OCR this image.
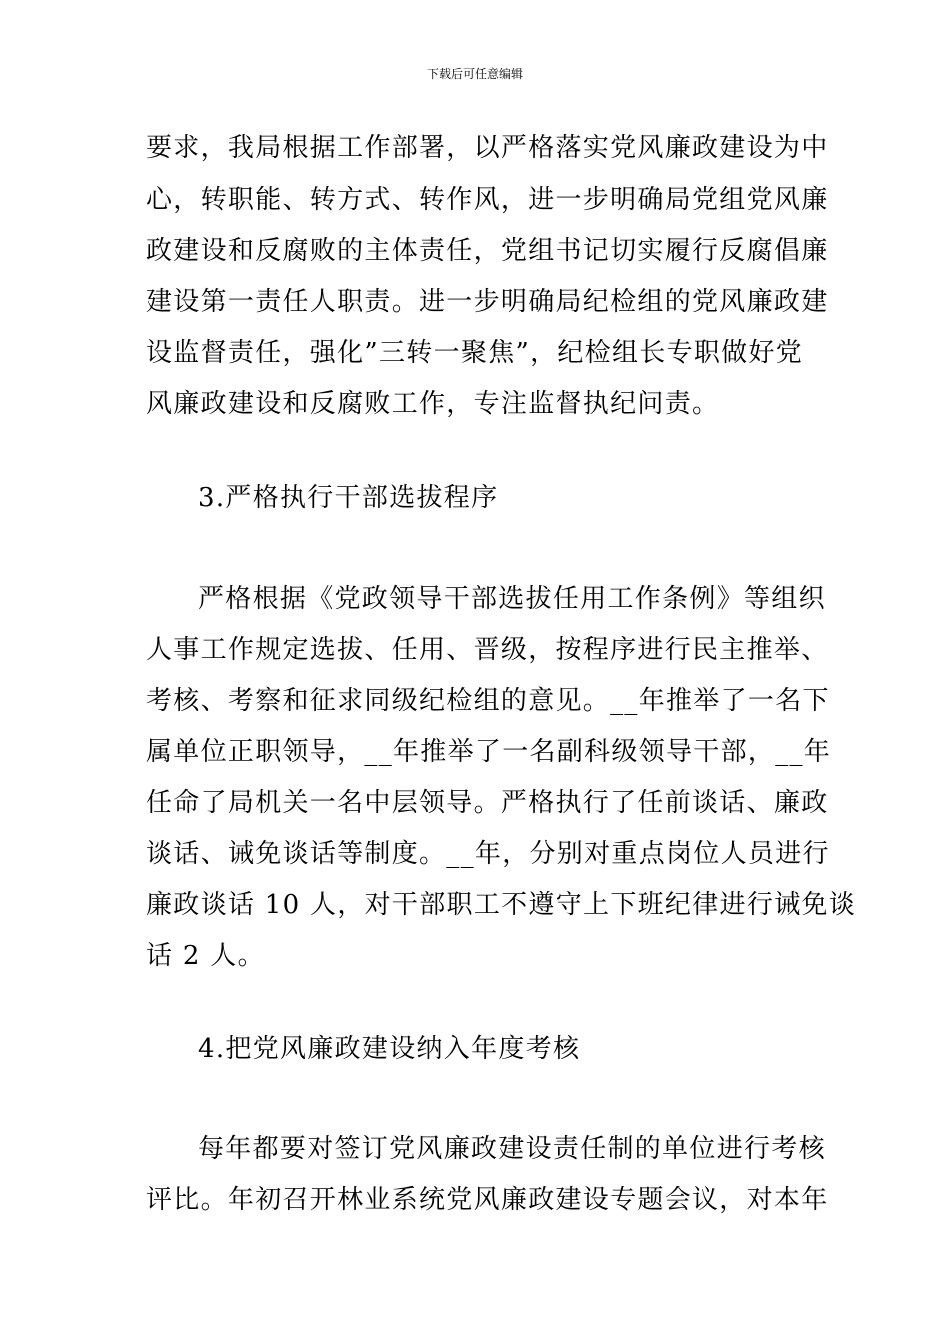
下载后可任意编辑
要求，我局根据工作部署，以严格落实党风廉政建设为中
心，转职能、转方式、转作风，进一步明确局党组党风廉
政建设和反腐败的主体责任，党组书记切实履行反腐倡廉
建设第一责任人职责。进一步明确局纪检组的党风廉政建
设监督责任，强化”三转一聚焦”，纪检组长专职做好党
风廉政建设和反腐败工作，专注监督执纪问责。
3.严格执行干部选拔程序
严格根据《党政领导干部选拔任用工作条例》等组织
人事工作规定选拔、任用、晋级，按程序进行民主推举、
考核、考察和征求同级纪检组的意见。__年推举了一名下
属单位正职领导，__年推举了一名副科级领导干部，__年
任命了局机关一名中层领导。严格执行了任前谈话、廉政
谈话、诫免谈话等制度。__年，分别对重点岗位人员进行
廉政谈话 10 人，对干部职工不遵守上下班纪律进行诫免谈
话 2 人。
4.把党风廉政建设纳入年度考核
每年都要对签订党风廉政建设责任制的单位进行考核
评比。年初召开林业系统党风廉政建设专题会议，对本年
